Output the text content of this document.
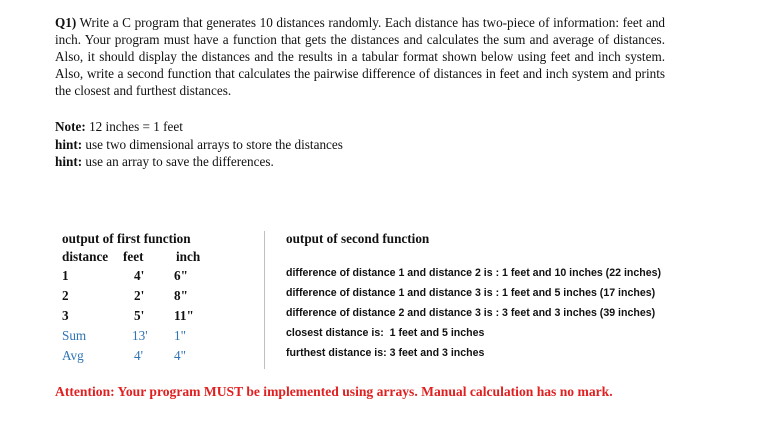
Q1) Write a C program that generates 10 distances randomly. Each distance has two-piece of information: feet and inch. Your program must have a function that gets the distances and calculates the sum and average of distances. Also, it should display the distances and the results in a tabular format shown below using feet and inch system. Also, write a second function that calculates the pairwise difference of distances in feet and inch system and prints the closest and furthest distances.
Note: 12 inches = 1 feet
hint: use two dimensional arrays to store the distances
hint: use an array to save the differences.
output of first function
distance feet inch
1	4' 6"
2	2' 8"
3	5' 11"
Sum	13' 1"
Avg	4' 4"
output of second function
difference of distance 1 and distance 2 is : 1 feet and 10 inches (22 inches)
difference of distance 1 and distance 3 is : 1 feet and 5 inches (17 inches)
difference of distance 2 and distance 3 is : 3 feet and 3 inches (39 inches)
closest distance is:  1 feet and 5 inches
furthest distance is: 3 feet and 3 inches
Attention: Your program MUST be implemented using arrays. Manual calculation has no mark.
